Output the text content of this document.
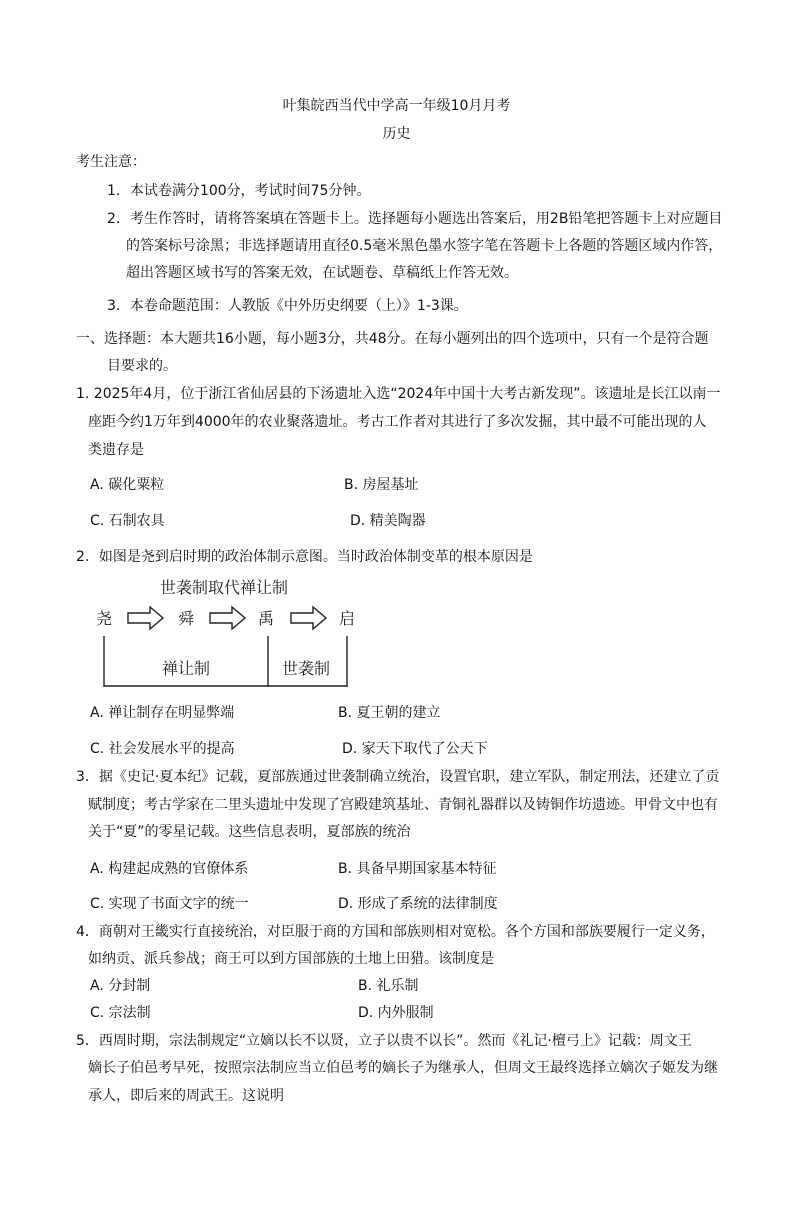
叶集皖西当代中学高一年级10月月考
历史
考生注意：
1．本试卷满分100分，考试时间75分钟。
2．考生作答时，请将答案填在答题卡上。选择题每小题选出答案后，用2B铅笔把答题卡上对应题目
的答案标号涂黑；非选择题请用直径0.5毫米黑色墨水签字笔在答题卡上各题的答题区域内作答，
超出答题区域书写的答案无效，在试题卷、草稿纸上作答无效。
3．本卷命题范围：人教版《中外历史纲要（上）》1-3课。
一、选择题：本大题共16小题，每小题3分，共48分。在每小题列出的四个选项中，只有一个是符合题
目要求的。
1. 2025年4月，位于浙江省仙居县的下汤遗址入选“2024年中国十大考古新发现”。该遗址是长江以南一
座距今约1万年到4000年的农业聚落遗址。考古工作者对其进行了多次发掘，其中最不可能出现的人
类遗存是
A. 碳化粟粒	B. 房屋基址
C. 石制农具	D. 精美陶器
2．如图是尧到启时期的政治体制示意图。当时政治体制变革的根本原因是
世袭制取代禅让制
尧	舜	禹	启
禅让制	世袭制
A. 禅让制存在明显弊端	B. 夏王朝的建立
C. 社会发展水平的提高	D. 家天下取代了公天下
3．据《史记·夏本纪》记载，夏部族通过世袭制确立统治，设置官职，建立军队，制定刑法，还建立了贡
赋制度；考古学家在二里头遗址中发现了宫殿建筑基址、青铜礼器群以及铸铜作坊遗迹。甲骨文中也有
关于“夏”的零星记载。这些信息表明，夏部族的统治
A. 构建起成熟的官僚体系	B. 具备早期国家基本特征
C. 实现了书面文字的统一	D. 形成了系统的法律制度
4．商朝对王畿实行直接统治，对臣服于商的方国和部族则相对宽松。各个方国和部族要履行一定义务，
如纳贡、派兵参战；商王可以到方国部族的土地上田猎。该制度是
A. 分封制	B. 礼乐制
C. 宗法制	D. 内外服制
5．西周时期，宗法制规定“立嫡以长不以贤，立子以贵不以长”。然而《礼记·檀弓上》记载：周文王
嫡长子伯邑考早死，按照宗法制应当立伯邑考的嫡长子为继承人，但周文王最终选择立嫡次子姬发为继
承人，即后来的周武王。这说明
